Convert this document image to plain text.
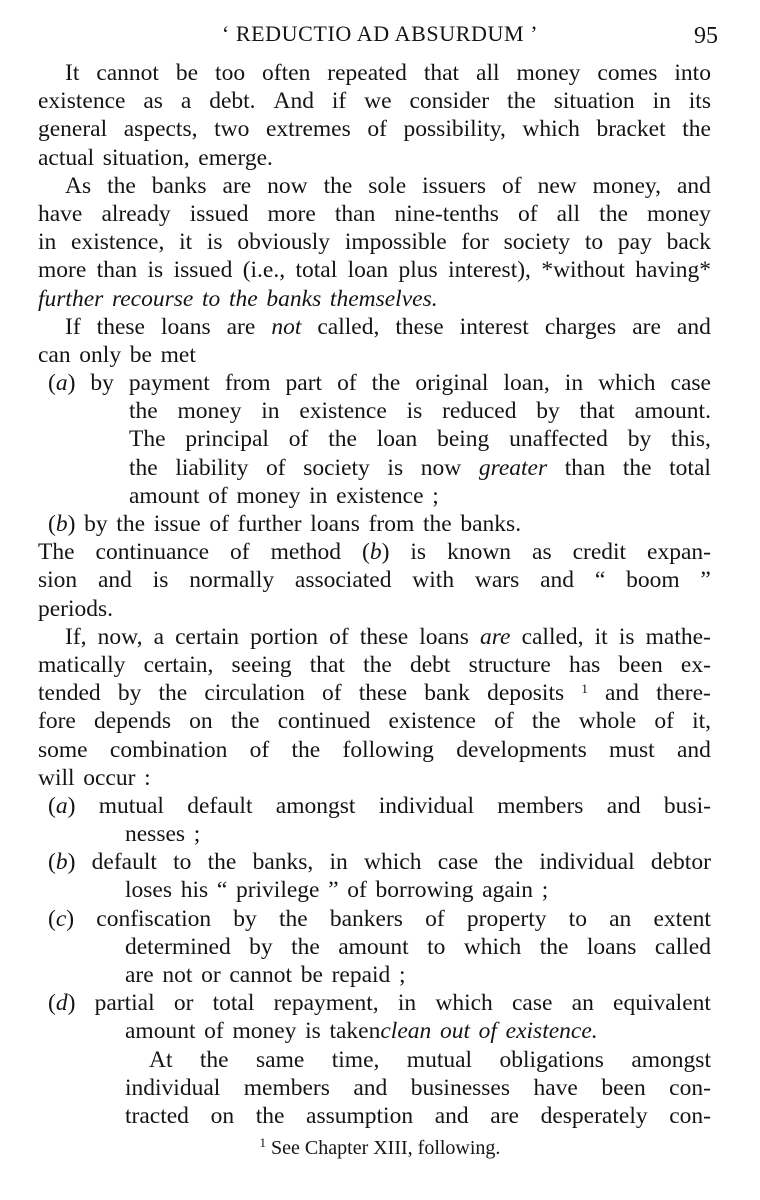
‘ REDUCTIO AD ABSURDUM ’	95
It cannot be too often repeated that all money comes into
existence as a debt. And if we consider the situation in its
general aspects, two extremes of possibility, which bracket the
actual situation, emerge.
As the banks are now the sole issuers of new money, and
have already issued more than nine-tenths of all the money
in existence, it is obviously impossible for society to pay back
more than is issued (i.e., total loan plus interest), *without having*
further recourse to the banks themselves.
If these loans are not called, these interest charges are and
can only be met
(a) by payment from part of the original loan, in which case
the money in existence is reduced by that amount.
The principal of the loan being unaffected by this,
the liability of society is now greater than the total
amount of money in existence ;
( b ) by the issue of further loans from the banks.
The continuance of method (b) is known as credit expan-
sion and is normally associated with wars and “ boom ”
periods.
If, now, a certain portion of these loans are called, it is mathe-
matically certain, seeing that the debt structure has been ex-
tended by the circulation of these bank deposits $^1$ and there-
fore depends on the continued existence of the whole of it,
some combination of the following developments must and
will occur :
(a) mutual default amongst individual members and busi-
nesses ;
(b) default to the banks, in which case the individual debtor
loses his “ privilege ” of borrowing again ;
(c) confiscation by the bankers of property to an extent
determined by the amount to which the loans called
are not or cannot be repaid ;
(d) partial or total repayment, in which case an equivalent
amount of money is taken clean out of existence.
At the same time, mutual obligations amongst
individual members and businesses have been con-
tracted on the assumption and are desperately con-
$^1$ See Chapter XIII, following.
